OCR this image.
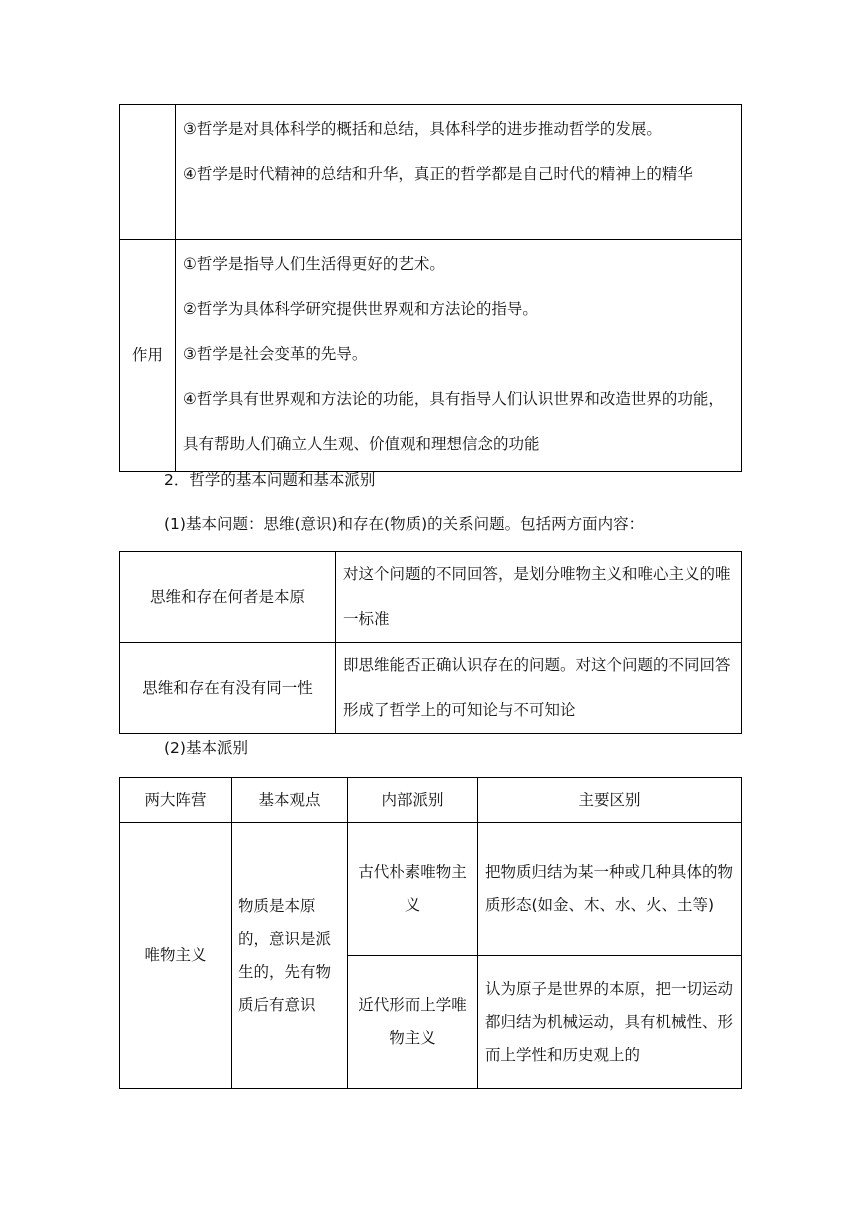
	③哲学是对具体科学的概括和总结，具体科学的进步推动哲学的发展。
④哲学是时代精神的总结和升华，真正的哲学都是自己时代的精神上的精华

作用	①哲学是指导人们生活得更好的艺术。
②哲学为具体科学研究提供世界观和方法论的指导。
③哲学是社会变革的先导。
④哲学具有世界观和方法论的功能，具有指导人们认识世界和改造世界的功能，具有帮助人们确立人生观、价值观和理想信念的功能
2．哲学的基本问题和基本派别
(1)基本问题：思维(意识)和存在(物质)的关系问题。包括两方面内容：
思维和存在何者是本原	对这个问题的不同回答，是划分唯物主义和唯心主义的唯一标准
思维和存在有没有同一性	即思维能否正确认识存在的问题。对这个问题的不同回答形成了哲学上的可知论与不可知论
(2)基本派别
两大阵营	基本观点	内部派别	主要区别
唯物主义	物质是本原的，意识是派生的，先有物质后有意识	古代朴素唯物主义	把物质归结为某一种或几种具体的物质形态(如金、木、水、火、土等)
		近代形而上学唯物主义	认为原子是世界的本原，把一切运动都归结为机械运动，具有机械性、形而上学性和历史观上的
